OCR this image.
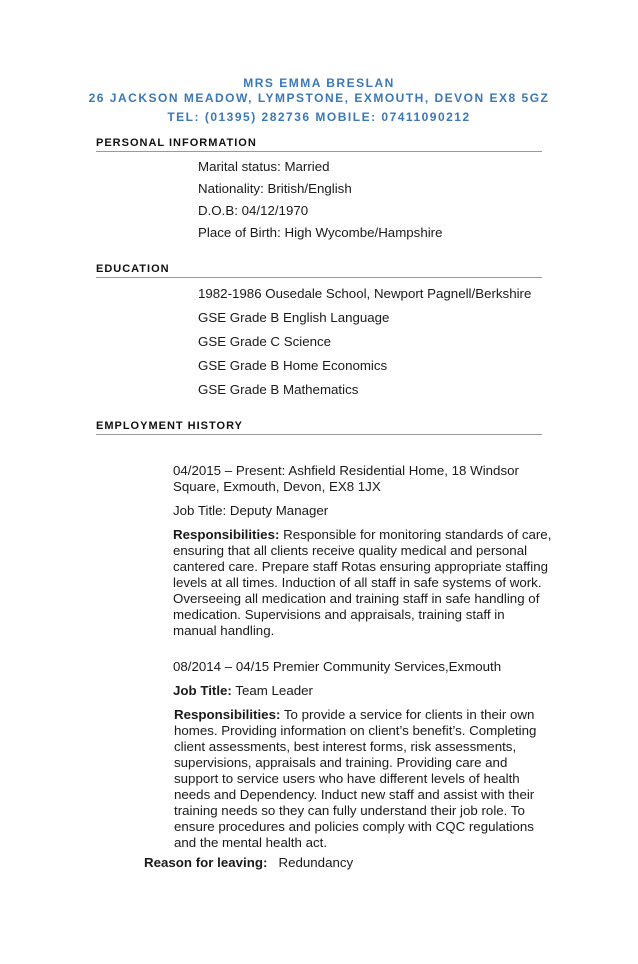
MRS EMMA BRESLAN
26 JACKSON MEADOW, LYMPSTONE, EXMOUTH, DEVON EX8 5GZ
TEL: (01395) 282736 MOBILE: 07411090212
PERSONAL INFORMATION
Marital status: Married
Nationality: British/English
D.O.B: 04/12/1970
Place of Birth: High Wycombe/Hampshire
EDUCATION
1982-1986 Ousedale School, Newport Pagnell/Berkshire
GSE Grade B English Language
GSE Grade C Science
GSE Grade B Home Economics
GSE Grade B Mathematics
EMPLOYMENT HISTORY
04/2015 – Present: Ashfield Residential Home, 18 Windsor
Square, Exmouth, Devon, EX8 1JX
Job Title: Deputy Manager
Responsibilities: Responsible for monitoring standards of care,
ensuring that all clients receive quality medical and personal
cantered care. Prepare staff Rotas ensuring appropriate staffing
levels at all times. Induction of all staff in safe systems of work.
Overseeing all medication and training staff in safe handling of
medication. Supervisions and appraisals, training staff in
manual handling.
08/2014 – 04/15 Premier Community Services,Exmouth
Job Title: Team Leader
Responsibilities: To provide a service for clients in their own
homes. Providing information on client’s benefit’s. Completing
client assessments, best interest forms, risk assessments,
supervisions, appraisals and training. Providing care and
support to service users who have different levels of health
needs and Dependency. Induct new staff and assist with their
training needs so they can fully understand their job role. To
ensure procedures and policies comply with CQC regulations
and the mental health act.
Reason for leaving:   Redundancy
